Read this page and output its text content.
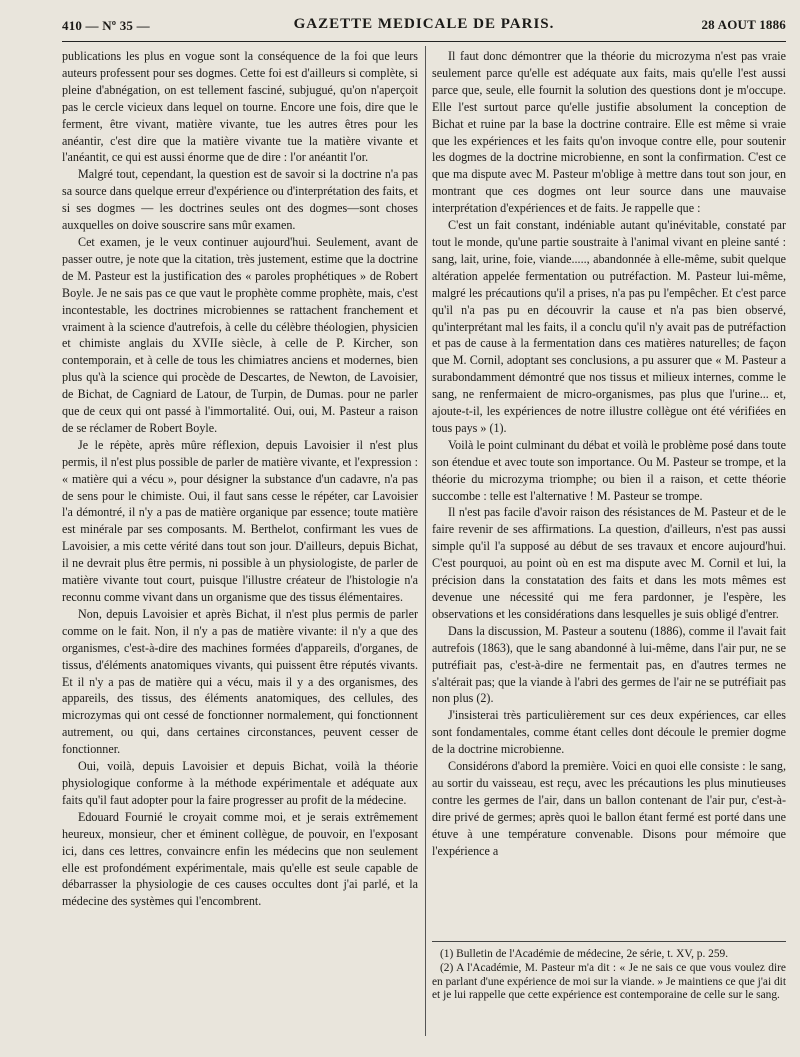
410 — Nº 35 —	GAZETTE MEDICALE DE PARIS.	28 AOUT 1886

publications les plus en vogue sont la conséquence de la foi que leurs auteurs professent pour ses dogmes. Cette foi est d'ailleurs si complète, si pleine d'abnégation, on est tellement fasciné, subjugué, qu'on n'aperçoit pas le cercle vicieux dans lequel on tourne. Encore une fois, dire que le ferment, être vivant, matière vivante, tue les autres êtres pour les anéantir, c'est dire que la matière vivante tue la matière vivante et l'anéantit, ce qui est aussi énorme que de dire : l'or anéantit l'or.

Malgré tout, cependant, la question est de savoir si la doctrine n'a pas sa source dans quelque erreur d'expérience ou d'interprétation des faits, et si ses dogmes — les doctrines seules ont des dogmes—sont choses auxquelles on doive souscrire sans mûr examen.

Cet examen, je le veux continuer aujourd'hui. Seulement, avant de passer outre, je note que la citation, très justement, estime que la doctrine de M. Pasteur est la justification des « paroles prophétiques » de Robert Boyle. Je ne sais pas ce que vaut le prophète comme prophète, mais, c'est incontestable, les doctrines microbiennes se rattachent franchement et vraiment à la science d'autrefois, à celle du célèbre théologien, physicien et chimiste anglais du XVIIe siècle, à celle de P. Kircher, son contemporain, et à celle de tous les chimiatres anciens et modernes, bien plus qu'à la science qui procède de Descartes, de Newton, de Lavoisier, de Bichat, de Cagniard de Latour, de Turpin, de Dumas. pour ne parler que de ceux qui ont passé à l'immortalité. Oui, oui, M. Pasteur a raison de se réclamer de Robert Boyle.

Je le répète, après mûre réflexion, depuis Lavoisier il n'est plus permis, il n'est plus possible de parler de matière vivante, et l'expression : « matière qui a vécu », pour désigner la substance d'un cadavre, n'a pas de sens pour le chimiste. Oui, il faut sans cesse le répéter, car Lavoisier l'a démontré, il n'y a pas de matière organique par essence; toute matière est minérale par ses composants. M. Berthelot, confirmant les vues de Lavoisier, a mis cette vérité dans tout son jour. D'ailleurs, depuis Bichat, il ne devrait plus être permis, ni possible à un physiologiste, de parler de matière vivante tout court, puisque l'illustre créateur de l'histologie n'a reconnu comme vivant dans un organisme que des tissus élémentaires.

Non, depuis Lavoisier et après Bichat, il n'est plus permis de parler comme on le fait. Non, il n'y a pas de matière vivante: il n'y a que des organismes, c'est-à-dire des machines formées d'appareils, d'organes, de tissus, d'éléments anatomiques vivants, qui puissent être réputés vivants. Et il n'y a pas de matière qui a vécu, mais il y a des organismes, des appareils, des tissus, des éléments anatomiques, des cellules, des microzymas qui ont cessé de fonctionner normalement, qui fonctionnent autrement, ou qui, dans certaines circonstances, peuvent cesser de fonctionner.

Oui, voilà, depuis Lavoisier et depuis Bichat, voilà la théorie physiologique conforme à la méthode expérimentale et adéquate aux faits qu'il faut adopter pour la faire progresser au profit de la médecine.

Edouard Fournié le croyait comme moi, et je serais extrêmement heureux, monsieur, cher et éminent collègue, de pouvoir, en l'exposant ici, dans ces lettres, convaincre enfin les médecins que non seulement elle est profondément expérimentale, mais qu'elle est seule capable de débarrasser la physiologie de ces causes occultes dont j'ai parlé, et la médecine des systèmes qui l'encombrent.

Il faut donc démontrer que la théorie du microzyma n'est pas vraie seulement parce qu'elle est adéquate aux faits, mais qu'elle l'est aussi parce que, seule, elle fournit la solution des questions dont je m'occupe. Elle l'est surtout parce qu'elle justifie absolument la conception de Bichat et ruine par la base la doctrine contraire. Elle est même si vraie que les expériences et les faits qu'on invoque contre elle, pour soutenir les dogmes de la doctrine microbienne, en sont la confirmation. C'est ce que ma dispute avec M. Pasteur m'oblige à mettre dans tout son jour, en montrant que ces dogmes ont leur source dans une mauvaise interprétation d'expériences et de faits. Je rappelle que :

C'est un fait constant, indéniable autant qu'inévitable, constaté par tout le monde, qu'une partie soustraite à l'animal vivant en pleine santé : sang, lait, urine, foie, viande....., abandonnée à elle-même, subit quelque altération appelée fermentation ou putréfaction. M. Pasteur lui-même, malgré les précautions qu'il a prises, n'a pas pu l'empêcher. Et c'est parce qu'il n'a pas pu en découvrir la cause et n'a pas bien observé, qu'interprétant mal les faits, il a conclu qu'il n'y avait pas de putréfaction et pas de cause à la fermentation dans ces matières naturelles; de façon que M. Cornil, adoptant ses conclusions, a pu assurer que « M. Pasteur a surabondamment démontré que nos tissus et milieux internes, comme le sang, ne renfermaient de micro-organismes, pas plus que l'urine... et, ajoute-t-il, les expériences de notre illustre collègue ont été vérifiées en tous pays » (1).

Voilà le point culminant du débat et voilà le problème posé dans toute son étendue et avec toute son importance. Ou M. Pasteur se trompe, et la théorie du microzyma triomphe; ou bien il a raison, et cette théorie succombe : telle est l'alternative ! M. Pasteur se trompe.

Il n'est pas facile d'avoir raison des résistances de M. Pasteur et de le faire revenir de ses affirmations. La question, d'ailleurs, n'est pas aussi simple qu'il l'a supposé au début de ses travaux et encore aujourd'hui. C'est pourquoi, au point où en est ma dispute avec M. Cornil et lui, la précision dans la constatation des faits et dans les mots mêmes est devenue une nécessité qui me fera pardonner, je l'espère, les observations et les considérations dans lesquelles je suis obligé d'entrer.

Dans la discussion, M. Pasteur a soutenu (1886), comme il l'avait fait autrefois (1863), que le sang abandonné à lui-même, dans l'air pur, ne se putréfiait pas, c'est-à-dire ne fermentait pas, en d'autres termes ne s'altérait pas; que la viande à l'abri des germes de l'air ne se putréfiait pas non plus (2).

J'insisterai très particulièrement sur ces deux expériences, car elles sont fondamentales, comme étant celles dont découle le premier dogme de la doctrine microbienne.

Considérons d'abord la première. Voici en quoi elle consiste : le sang, au sortir du vaisseau, est reçu, avec les précautions les plus minutieuses contre les germes de l'air, dans un ballon contenant de l'air pur, c'est-à-dire privé de germes; après quoi le ballon étant fermé est porté dans une étuve à une température convenable. Disons pour mémoire que l'expérience a

(1) Bulletin de l'Académie de médecine, 2e série, t. XV, p. 259.

(2) A l'Académie, M. Pasteur m'a dit : « Je ne sais ce que vous voulez dire en parlant d'une expérience de moi sur la viande. » Je maintiens ce que j'ai dit et je lui rappelle que cette expérience est contemporaine de celle sur le sang.
